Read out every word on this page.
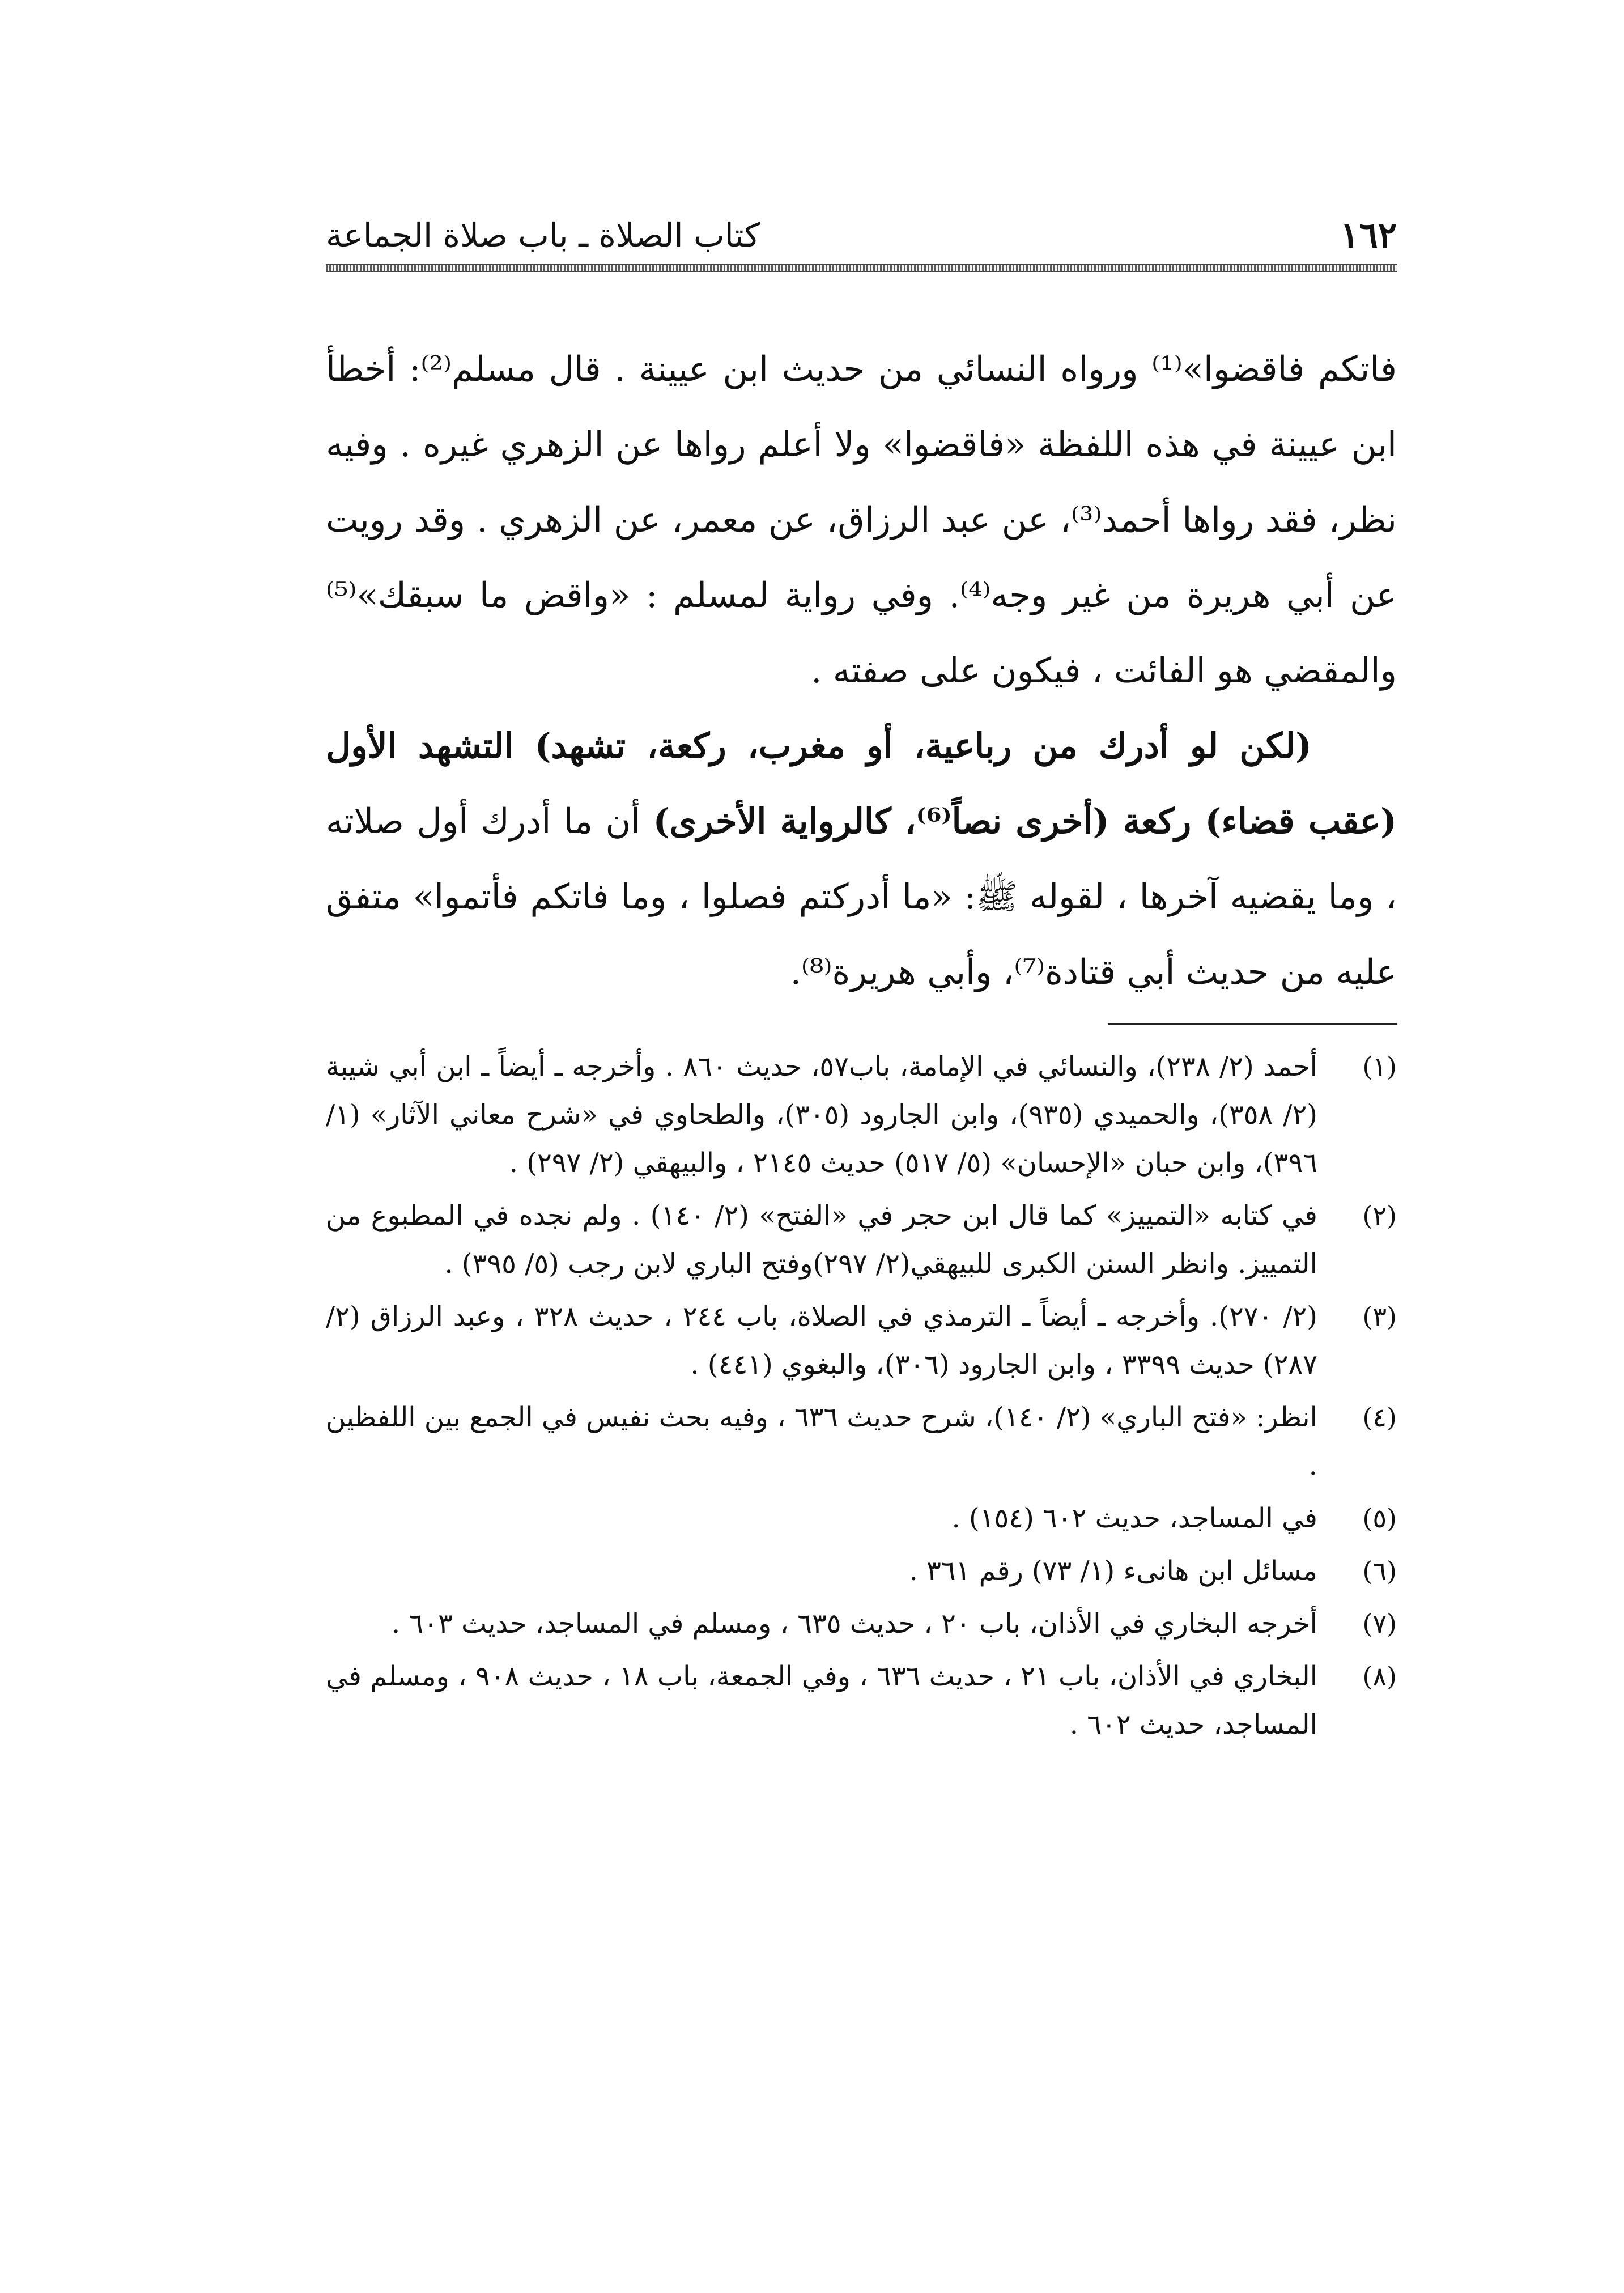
١٦٢
كتاب الصلاة ـ باب صلاة الجماعة

فاتكم فاقضوا»⁽¹⁾ ورواه النسائي من حديث ابن عيينة . قال مسلم⁽²⁾: أخطأ ابن عيينة في هذه اللفظة «فاقضوا» ولا أعلم رواها عن الزهري غيره . وفيه نظر، فقد رواها أحمد⁽³⁾، عن عبد الرزاق، عن معمر، عن الزهري . وقد رويت عن أبي هريرة من غير وجه⁽⁴⁾. وفي رواية لمسلم : «واقض ما سبقك»⁽⁵⁾ والمقضي هو الفائت ، فيكون على صفته .

(لكن لو أدرك من رباعية، أو مغرب، ركعة، تشهد) التشهد الأول (عقب قضاء) ركعة (أخرى نصاً⁽⁶⁾، كالرواية الأخرى) أن ما أدرك أول صلاته ، وما يقضيه آخرها ، لقوله ﷺ: «ما أدركتم فصلوا ، وما فاتكم فأتموا» متفق عليه من حديث أبي قتادة⁽⁷⁾، وأبي هريرة⁽⁸⁾.

(١)
أحمد (٢/ ٢٣٨)، والنسائي في الإمامة، باب٥٧، حديث ٨٦٠ . وأخرجه ـ أيضاً ـ ابن أبي شيبة (٢/ ٣٥٨)، والحميدي (٩٣٥)، وابن الجارود (٣٠٥)، والطحاوي في «شرح معاني الآثار» (١/ ٣٩٦)، وابن حبان «الإحسان» (٥/ ٥١٧) حديث ٢١٤٥ ، والبيهقي (٢/ ٢٩٧) .
(٢)
في كتابه «التمييز» كما قال ابن حجر في «الفتح» (٢/ ١٤٠) . ولم نجده في المطبوع من التمييز. وانظر السنن الكبرى للبيهقي(٢/ ٢٩٧)وفتح الباري لابن رجب (٥/ ٣٩٥) .
(٣)
(٢/ ٢٧٠). وأخرجه ـ أيضاً ـ الترمذي في الصلاة، باب ٢٤٤ ، حديث ٣٢٨ ، وعبد الرزاق (٢/ ٢٨٧) حديث ٣٣٩٩ ، وابن الجارود (٣٠٦)، والبغوي (٤٤١) .
(٤)
انظر: «فتح الباري» (٢/ ١٤٠)، شرح حديث ٦٣٦ ، وفيه بحث نفيس في الجمع بين اللفظين .
(٥)
في المساجد، حديث ٦٠٢ (١٥٤) .
(٦)
مسائل ابن هانىء (١/ ٧٣) رقم ٣٦١ .
(٧)
أخرجه البخاري في الأذان، باب ٢٠ ، حديث ٦٣٥ ، ومسلم في المساجد، حديث ٦٠٣ .
(٨)
البخاري في الأذان، باب ٢١ ، حديث ٦٣٦ ، وفي الجمعة، باب ١٨ ، حديث ٩٠٨ ، ومسلم في المساجد، حديث ٦٠٢ .
